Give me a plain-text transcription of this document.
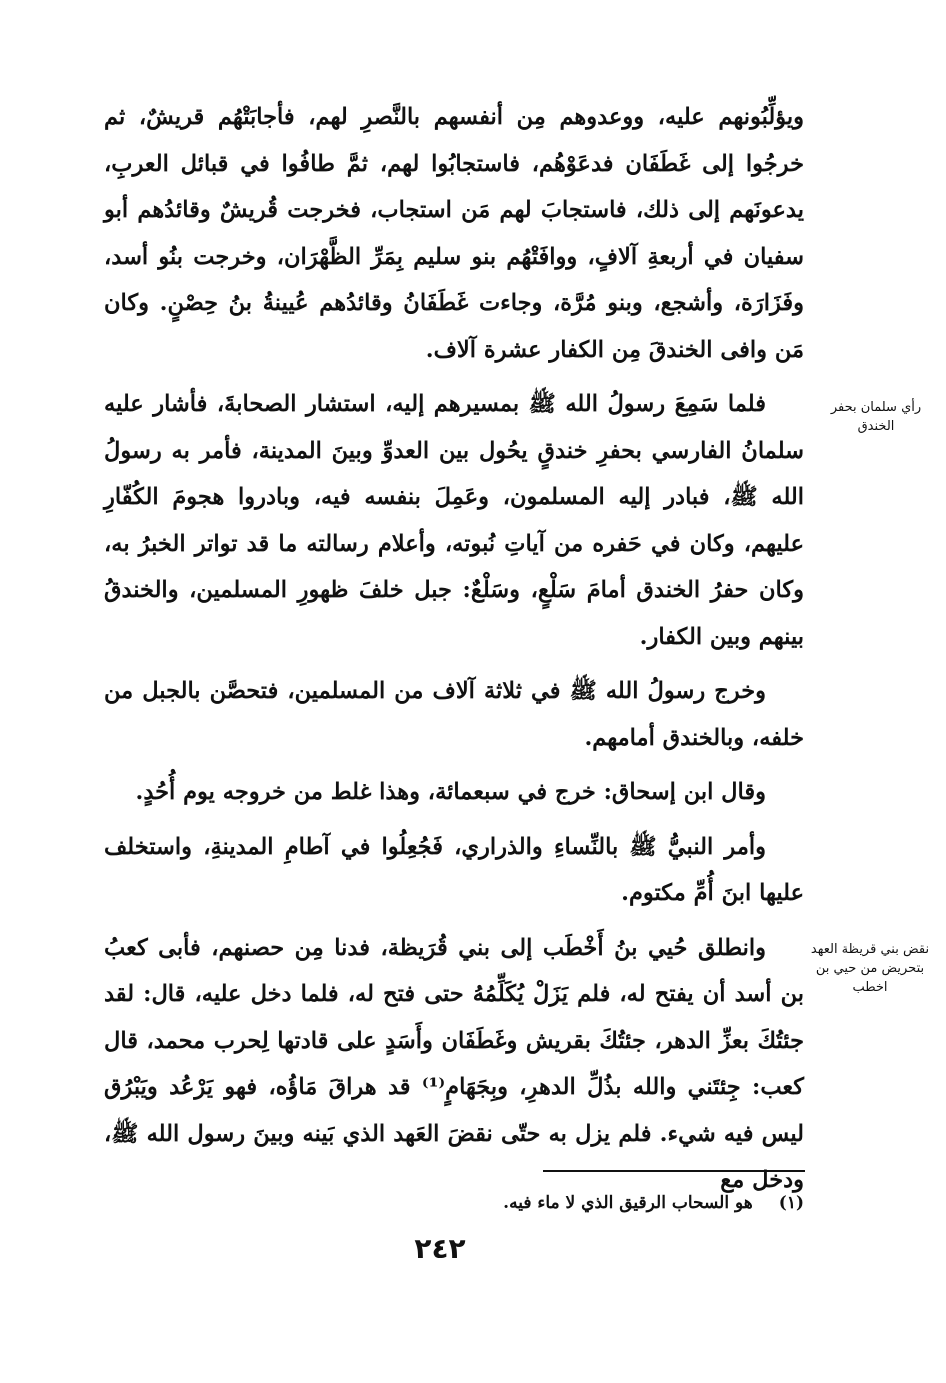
ويؤلِّبُونهم عليه، ووعدوهم مِن أنفسهم بالنَّصرِ لهم، فأجابَتْهُم قريشٌ، ثم خرجُوا إلى غَطَفَان فدعَوْهُم، فاستجابُوا لهم، ثمَّ طافُوا في قبائل العربِ، يدعونَهم إلى ذلك، فاستجابَ لهم مَن استجاب، فخرجت قُريشٌ وقائدُهم أبو سفيان في أربعةِ آلافٍ، ووافَتْهُم بنو سليم بِمَرِّ الظَّهْرَان، وخرجت بنُو أسد، وفَزَارَة، وأشجع، وبنو مُرَّة، وجاءت غَطَفَانُ وقائدُهم عُيينةُ بنُ حِصْنٍ. وكان مَن وافى الخندقَ مِن الكفار عشرة آلاف.

فلما سَمِعَ رسولُ الله ﷺ بمسيرهم إليه، استشار الصحابةَ، فأشار عليه سلمانُ الفارسي بحفرِ خندقٍ يحُول بين العدوِّ وبينَ المدينة، فأمر به رسولُ الله ﷺ، فبادر إليه المسلمون، وعَمِلَ بنفسه فيه، وبادروا هجومَ الكُفّارِ عليهم، وكان في حَفره من آياتِ نُبوته، وأعلام رسالته ما قد تواتر الخبرُ به، وكان حفرُ الخندق أمامَ سَلْعٍ، وسَلْعٌ: جبل خلفَ ظهورِ المسلمين، والخندقُ بينهم وبين الكفار.

وخرج رسولُ الله ﷺ في ثلاثة آلاف من المسلمين، فتحصَّن بالجبل من خلفه، وبالخندق أمامهم.

وقال ابن إسحاق: خرج في سبعمائة، وهذا غلط من خروجه يوم أُحُدٍ.

وأمر النبيُّ ﷺ بالنِّساءِ والذراري، فَجُعِلُوا في آطامِ المدينةِ، واستخلف عليها ابنَ أُمِّ مكتوم.

وانطلق حُيي بنُ أَخْطَب إلى بني قُرَيظة، فدنا مِن حصنهم، فأبى كعبُ بن أسد أن يفتح له، فلم يَزَلْ يُكَلِّمُهُ حتى فتح له، فلما دخل عليه، قال: لقد جئتُكَ بعزِّ الدهر، جئتُكَ بقريش وغَطَفَان وأَسَدٍ على قادتها لِحرب محمد، قال كعب: جِئتَني والله بذُلِّ الدهرِ، وبِجَهَامٍ⁽¹⁾ قد هراقَ مَاؤُه، فهو يَرْعُد ويَبْرُق ليس فيه شيء. فلم يزل به حتّى نقضَ العَهد الذي بَينه وبينَ رسول الله ﷺ، ودخل مع

رأي سلمان بحفر الخندق
نقض بني قريظة العهد بتحريض من حيي بن اخطب
(١)هو السحاب الرقيق الذي لا ماء فيه.
٢٤٢
